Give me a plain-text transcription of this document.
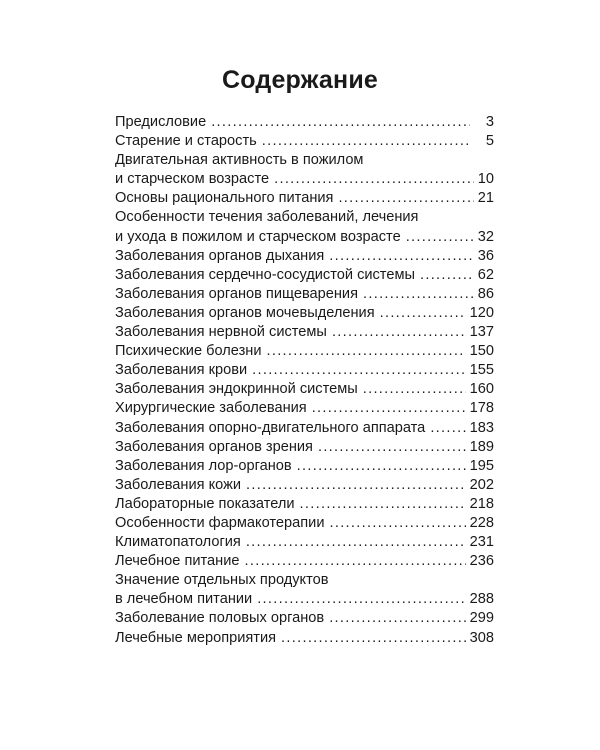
Содержание
Предисловие .....	3
Старение и старость .....	5
Двигательная активность в пожилом
и старческом возрасте .....	10
Основы рационального питания .....	21
Особенности течения заболеваний, лечения
и ухода в пожилом и старческом возрасте .....	32
Заболевания органов дыхания .....	36
Заболевания сердечно-сосудистой системы .....	62
Заболевания органов пищеварения .....	86
Заболевания органов мочевыделения .....	120
Заболевания нервной системы .....	137
Психические болезни .....	150
Заболевания крови .....	155
Заболевания эндокринной системы .....	160
Хирургические заболевания .....	178
Заболевания опорно-двигательного аппарата .....	183
Заболевания органов зрения .....	189
Заболевания лор-органов .....	195
Заболевания кожи .....	202
Лабораторные показатели .....	218
Особенности фармакотерапии .....	228
Климатопатология .....	231
Лечебное питание .....	236
Значение отдельных продуктов
в лечебном питании .....	288
Заболевание половых органов .....	299
Лечебные мероприятия .....	308
